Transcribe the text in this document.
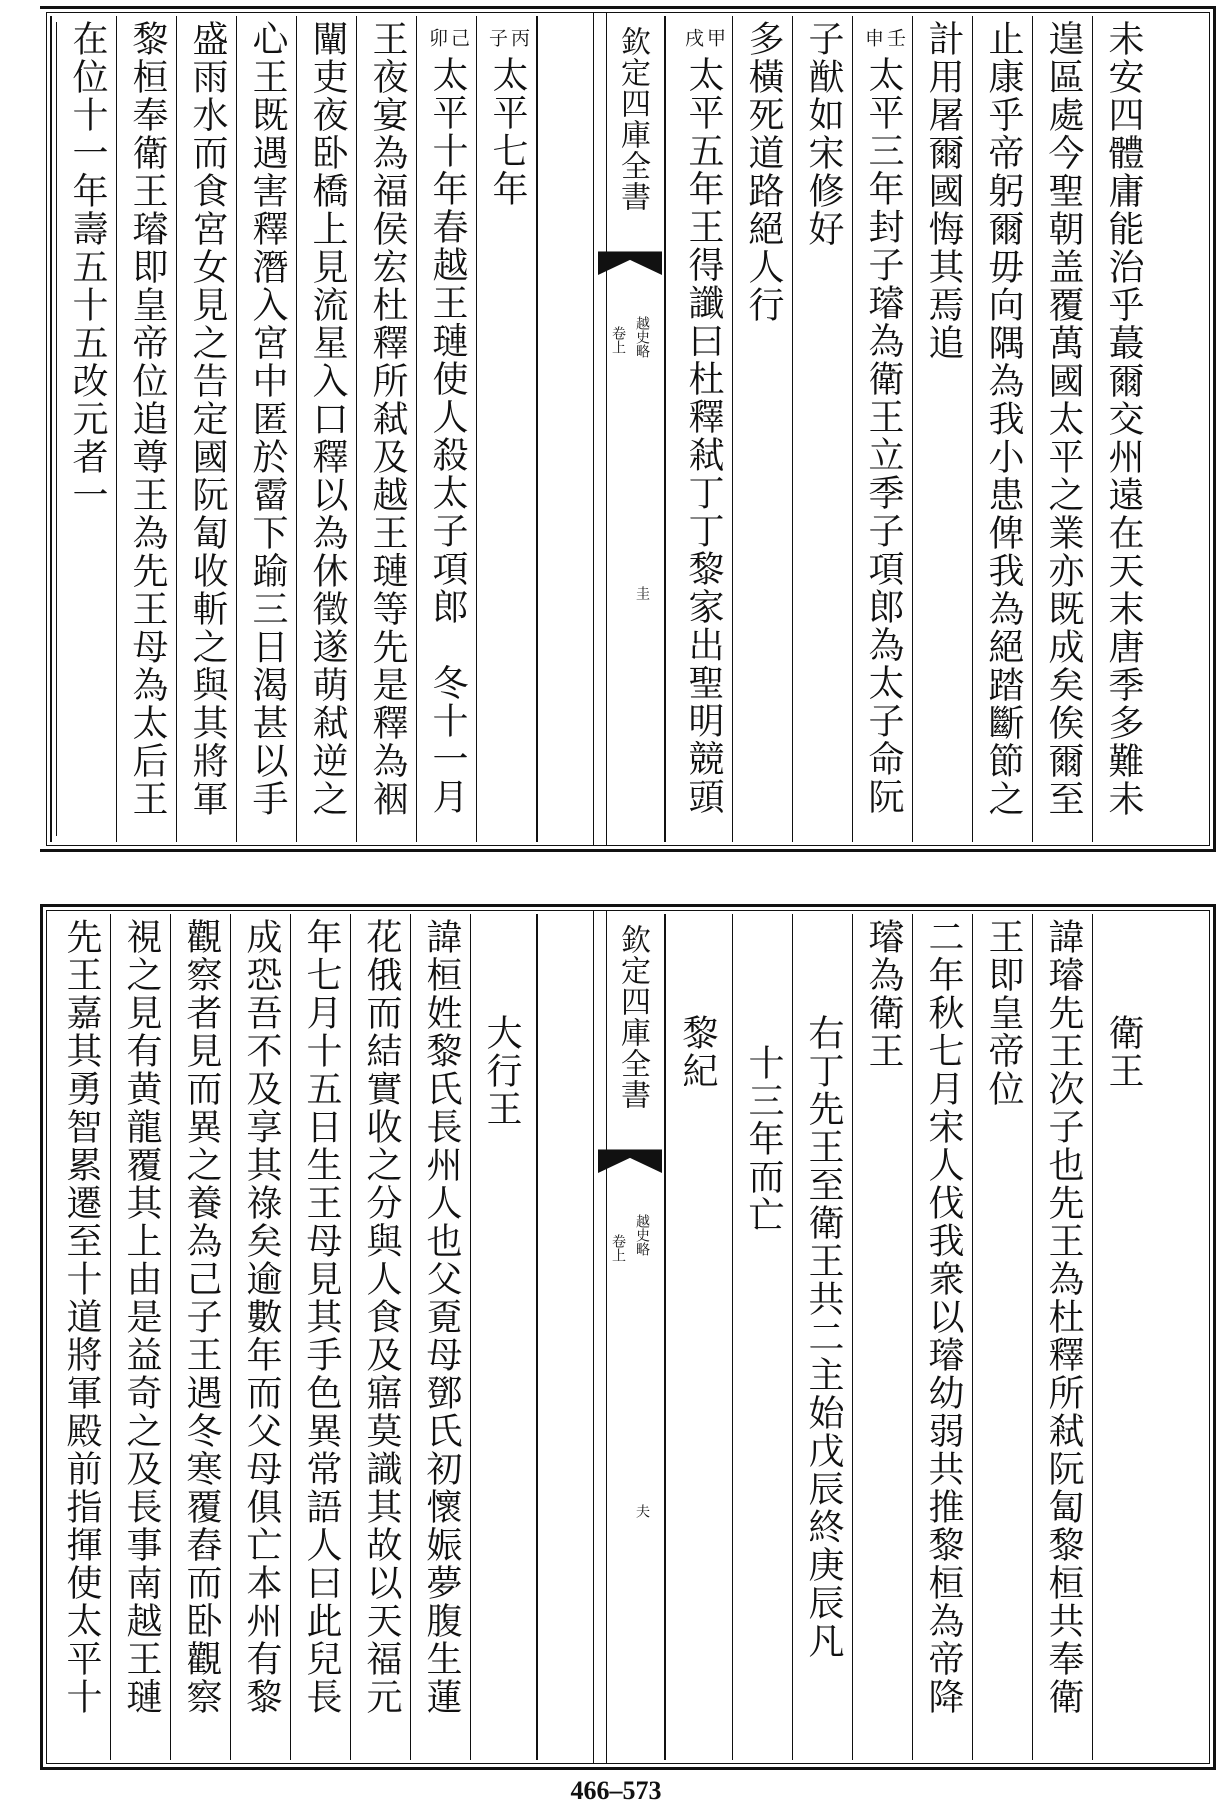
在位十一年壽五十五改元者一 黎桓奉衛王璿即皇帝位追尊王為先王母為太后王 盛雨水而食宮女見之告定國阮匐收斬之與其將軍 心王既遇害釋潛入宮中匿於霤下踰三日渴甚以手 闡吏夜卧橋上見流星入口釋以為休徵遂萌弒逆之 王夜宴為福侯宏杜釋所弒及越王璉等先是釋為裀 己
卯
太平十年春越王璉使人殺太子項郎　冬十一月
丙
子
太平七年	欽定四庫全書
越史略
卷上
圭
甲
戌
太平五年王得讖曰杜釋弒丁丁黎家出聖明競頭 多橫死道路絕人行 子猷如宋修好 壬
申
太平三年封子璿為衛王立季子項郎為太子命阮 計用屠爾國悔其焉追 止康乎帝躬爾毋向隅為我小患俾我為絕踏斷節之 遑區處今聖朝盖覆萬國太平之業亦既成矣俟爾至 未安四體庸能治乎蕞爾交州遠在天末唐季多難未
先王嘉其勇智累遷至十道將軍殿前指揮使太平十 視之見有黄龍覆其上由是益奇之及長事南越王璉 觀察者見而異之養為己子王遇冬寒覆舂而卧觀察 成恐吾不及享其祿矣逾數年而父母俱亡本州有黎 年七月十五日生王母見其手色異常語人曰此兒長 花俄而結實收之分與人食及寤莫識其故以天福元 諱桓姓黎氏長州人也父覔母鄧氏初懷娠夢腹生蓮 大行王	欽定四庫全書
越史略
卷上
夫
黎紀 十三年而亡 右丁先王至衛王共二主始戊辰終庚辰凡
璿為衛王 二年秋七月宋人伐我衆以璿幼弱共推黎桓為帝降 王即皇帝位 諱璿先王次子也先王為杜釋所弒阮匐黎桓共奉衛 衛王
466–573
